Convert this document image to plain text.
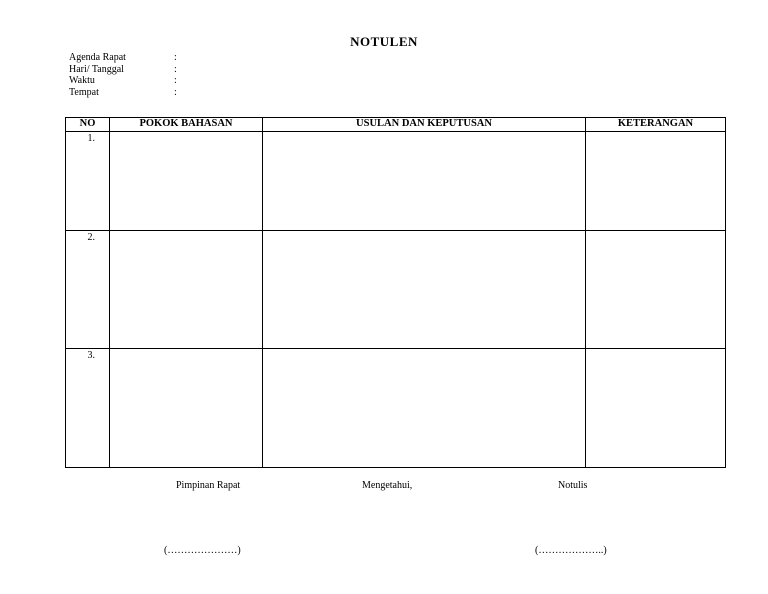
NOTULEN
Agenda Rapat	:
Hari/ Tanggal	:
Waktu	:
Tempat	:
NO	POKOK BAHASAN	USULAN DAN KEPUTUSAN	KETERANGAN
1.			
2.			
3.			
Pimpinan Rapat	Mengetahui,	Notulis
(…………………)	(………………..)
